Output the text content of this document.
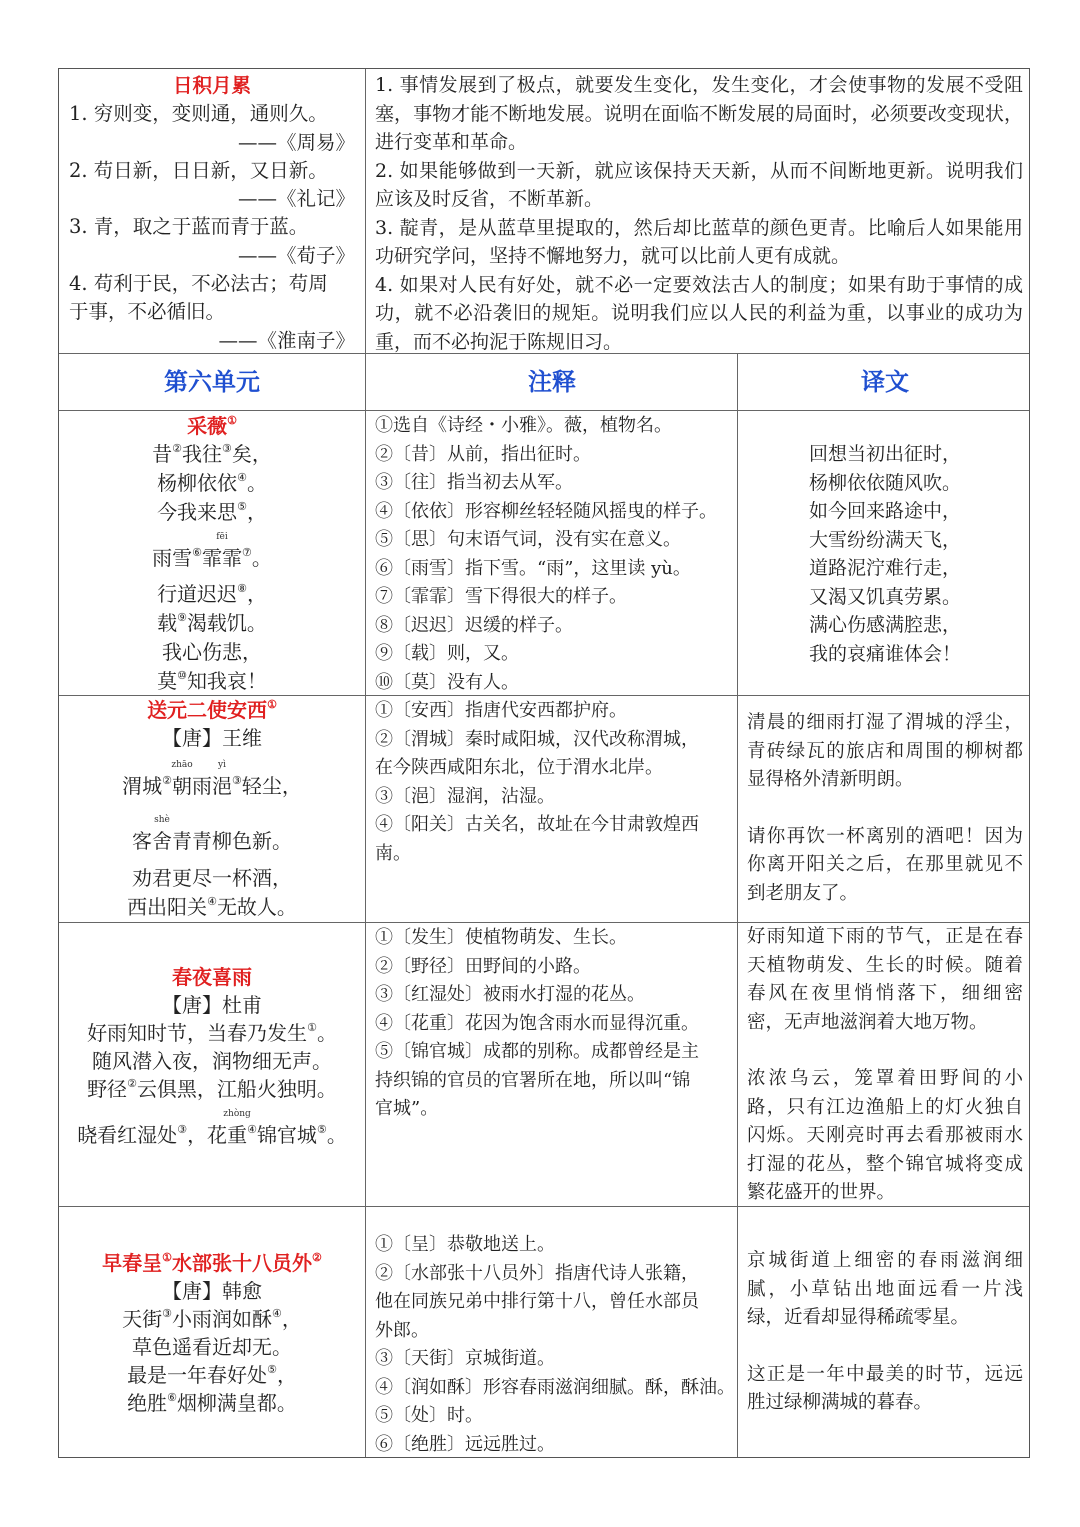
日积月累
1. 穷则变，变则通，通则久。
——《周易》
2. 苟日新，日日新，又日新。
——《礼记》
3. 青，取之于蓝而青于蓝。
——《荀子》
4. 苟利于民，不必法古；苟周
于事，不必循旧。
——《淮南子》
1. 事情发展到了极点，就要发生变化，发生变化，才会使事物的发展不受阻塞，事物才能不断地发展。说明在面临不断发展的局面时，必须要改变现状，进行变革和革命。
2. 如果能够做到一天新，就应该保持天天新，从而不间断地更新。说明我们应该及时反省，不断革新。
3. 靛青，是从蓝草里提取的，然后却比蓝草的颜色更青。比喻后人如果能用功研究学问，坚持不懈地努力，就可以比前人更有成就。
4. 如果对人民有好处，就不必一定要效法古人的制度；如果有助于事情的成功，就不必沿袭旧的规矩。说明我们应以人民的利益为重，以事业的成功为重，而不必拘泥于陈规旧习。
第六单元	注释	译文
采薇①
昔②我往③矣，
杨柳依依④。
今我来思⑤，
雨雪⑥
fēi
霏霏⑦。
行道迟迟⑧，
载⑨渴载饥。
我心伤悲，
莫⑩知我哀！
①选自《诗经・小雅》。薇，植物名。
②〔昔〕从前，指出征时。
③〔往〕指当初去从军。
④〔依依〕形容柳丝轻轻随风摇曳的样子。
⑤〔思〕句末语气词，没有实在意义。
⑥〔雨雪〕指下雪。“雨”，这里读 yù。
⑦〔霏霏〕雪下得很大的样子。
⑧〔迟迟〕迟缓的样子。
⑨〔载〕则，又。
⑩〔莫〕没有人。
回想当初出征时，
杨柳依依随风吹。
如今回来路途中，
大雪纷纷满天飞，
道路泥泞难行走，
又渴又饥真劳累。
满心伤感满腔悲，
我的哀痛谁体会！
送元二使安西①
【唐】王维
渭城②
zhāo
朝
yì
雨浥③轻尘，
客
shè
舍青青柳色新。
劝君更尽一杯酒，
西出阳关④无故人。
①〔安西〕指唐代安西都护府。
②〔渭城〕秦时咸阳城，汉代改称渭城，
在今陕西咸阳东北，位于渭水北岸。
③〔浥〕湿润，沾湿。
④〔阳关〕古关名，故址在今甘肃敦煌西
南。
清晨的细雨打湿了渭城的浮尘，青砖绿瓦的旅店和周围的柳树都显得格外清新明朗。
请你再饮一杯离别的酒吧！因为你离开阳关之后，在那里就见不到老朋友了。
春夜喜雨
【唐】杜甫
好雨知时节，当春乃发生①。
随风潜入夜，润物细无声。
野径②云俱黑，江船火独明。
晓看红湿处③，花
zhòng
重④锦官城⑤。
①〔发生〕使植物萌发、生长。
②〔野径〕田野间的小路。
③〔红湿处〕被雨水打湿的花丛。
④〔花重〕花因为饱含雨水而显得沉重。
⑤〔锦官城〕成都的别称。成都曾经是主
持织锦的官员的官署所在地，所以叫“锦
官城”。
好雨知道下雨的节气，正是在春天植物萌发、生长的时候。随着春风在夜里悄悄落下，细细密密，无声地滋润着大地万物。
浓浓乌云，笼罩着田野间的小路，只有江边渔船上的灯火独自闪烁。天刚亮时再去看那被雨水打湿的花丛，整个锦官城将变成繁花盛开的世界。
早春呈①水部张十八员外②
【唐】韩愈
天街③小雨润如酥④，
草色遥看近却无。
最是一年春好处⑤，
绝胜⑥烟柳满皇都。
①〔呈〕恭敬地送上。
②〔水部张十八员外〕指唐代诗人张籍，
他在同族兄弟中排行第十八，曾任水部员
外郎。
③〔天街〕京城街道。
④〔润如酥〕形容春雨滋润细腻。酥，酥油。
⑤〔处〕时。
⑥〔绝胜〕远远胜过。
京城街道上细密的春雨滋润细腻，小草钻出地面远看一片浅绿，近看却显得稀疏零星。
这正是一年中最美的时节，远远胜过绿柳满城的暮春。
